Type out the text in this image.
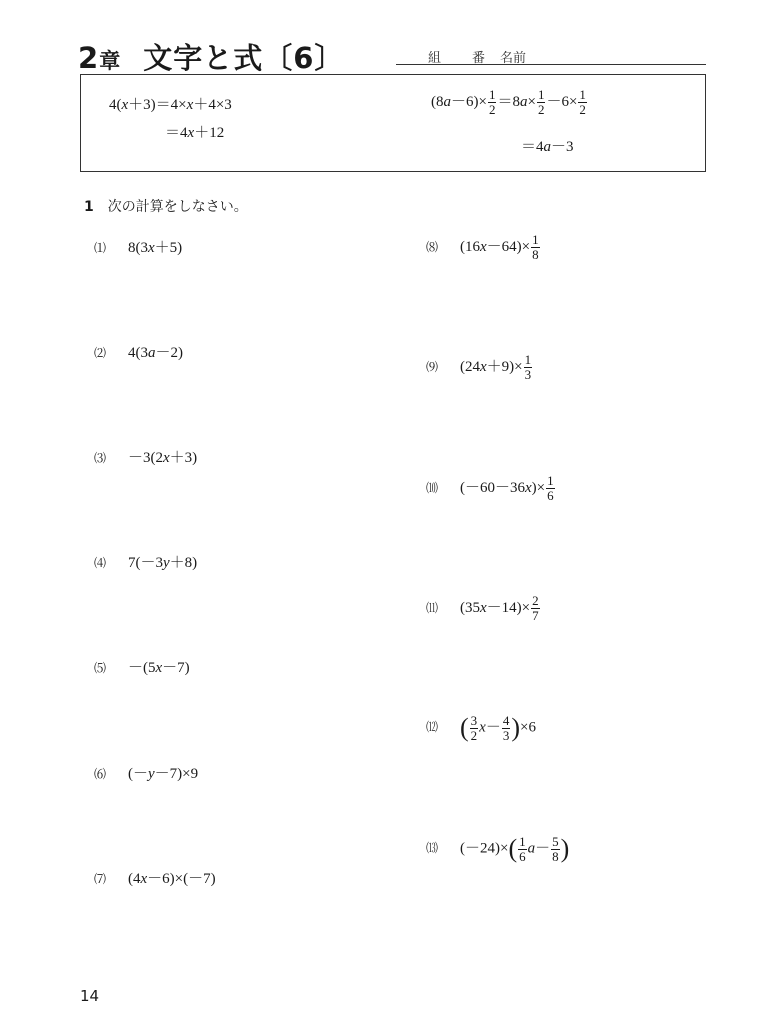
2章 文字と式〔6〕	組 番 名前
4(x＋3)＝4×x＋4×3
＝4x＋12
$(8a-6)\times \frac{1}{2} =8a\times \frac{1}{2} -6\times \frac{1}{2}$
＝4a－3
1 次の計算をしなさい。
⑴ 8(3x＋5)
⑵ 4(3a－2)
⑶ －3(2x＋3)
⑷ 7(－3y＋8)
⑸ －(5x－7)
⑹ (－y－7)×9
⑺ (4x－6)×(－7)
⑻ $(16x-64)\times \frac{1}{8}$
⑼ $(24x+9)\times \frac{1}{3}$
⑽ $(-60-36x)\times \frac{1}{6}$
⑾ $(35x-14)\times \frac{2}{7}$
⑿ ( $\frac{3}{2} x- \frac{4}{3} )\times 6$
⒀ $(-24)\times( \frac{1}{6} a- \frac{5}{8}$ )
14
